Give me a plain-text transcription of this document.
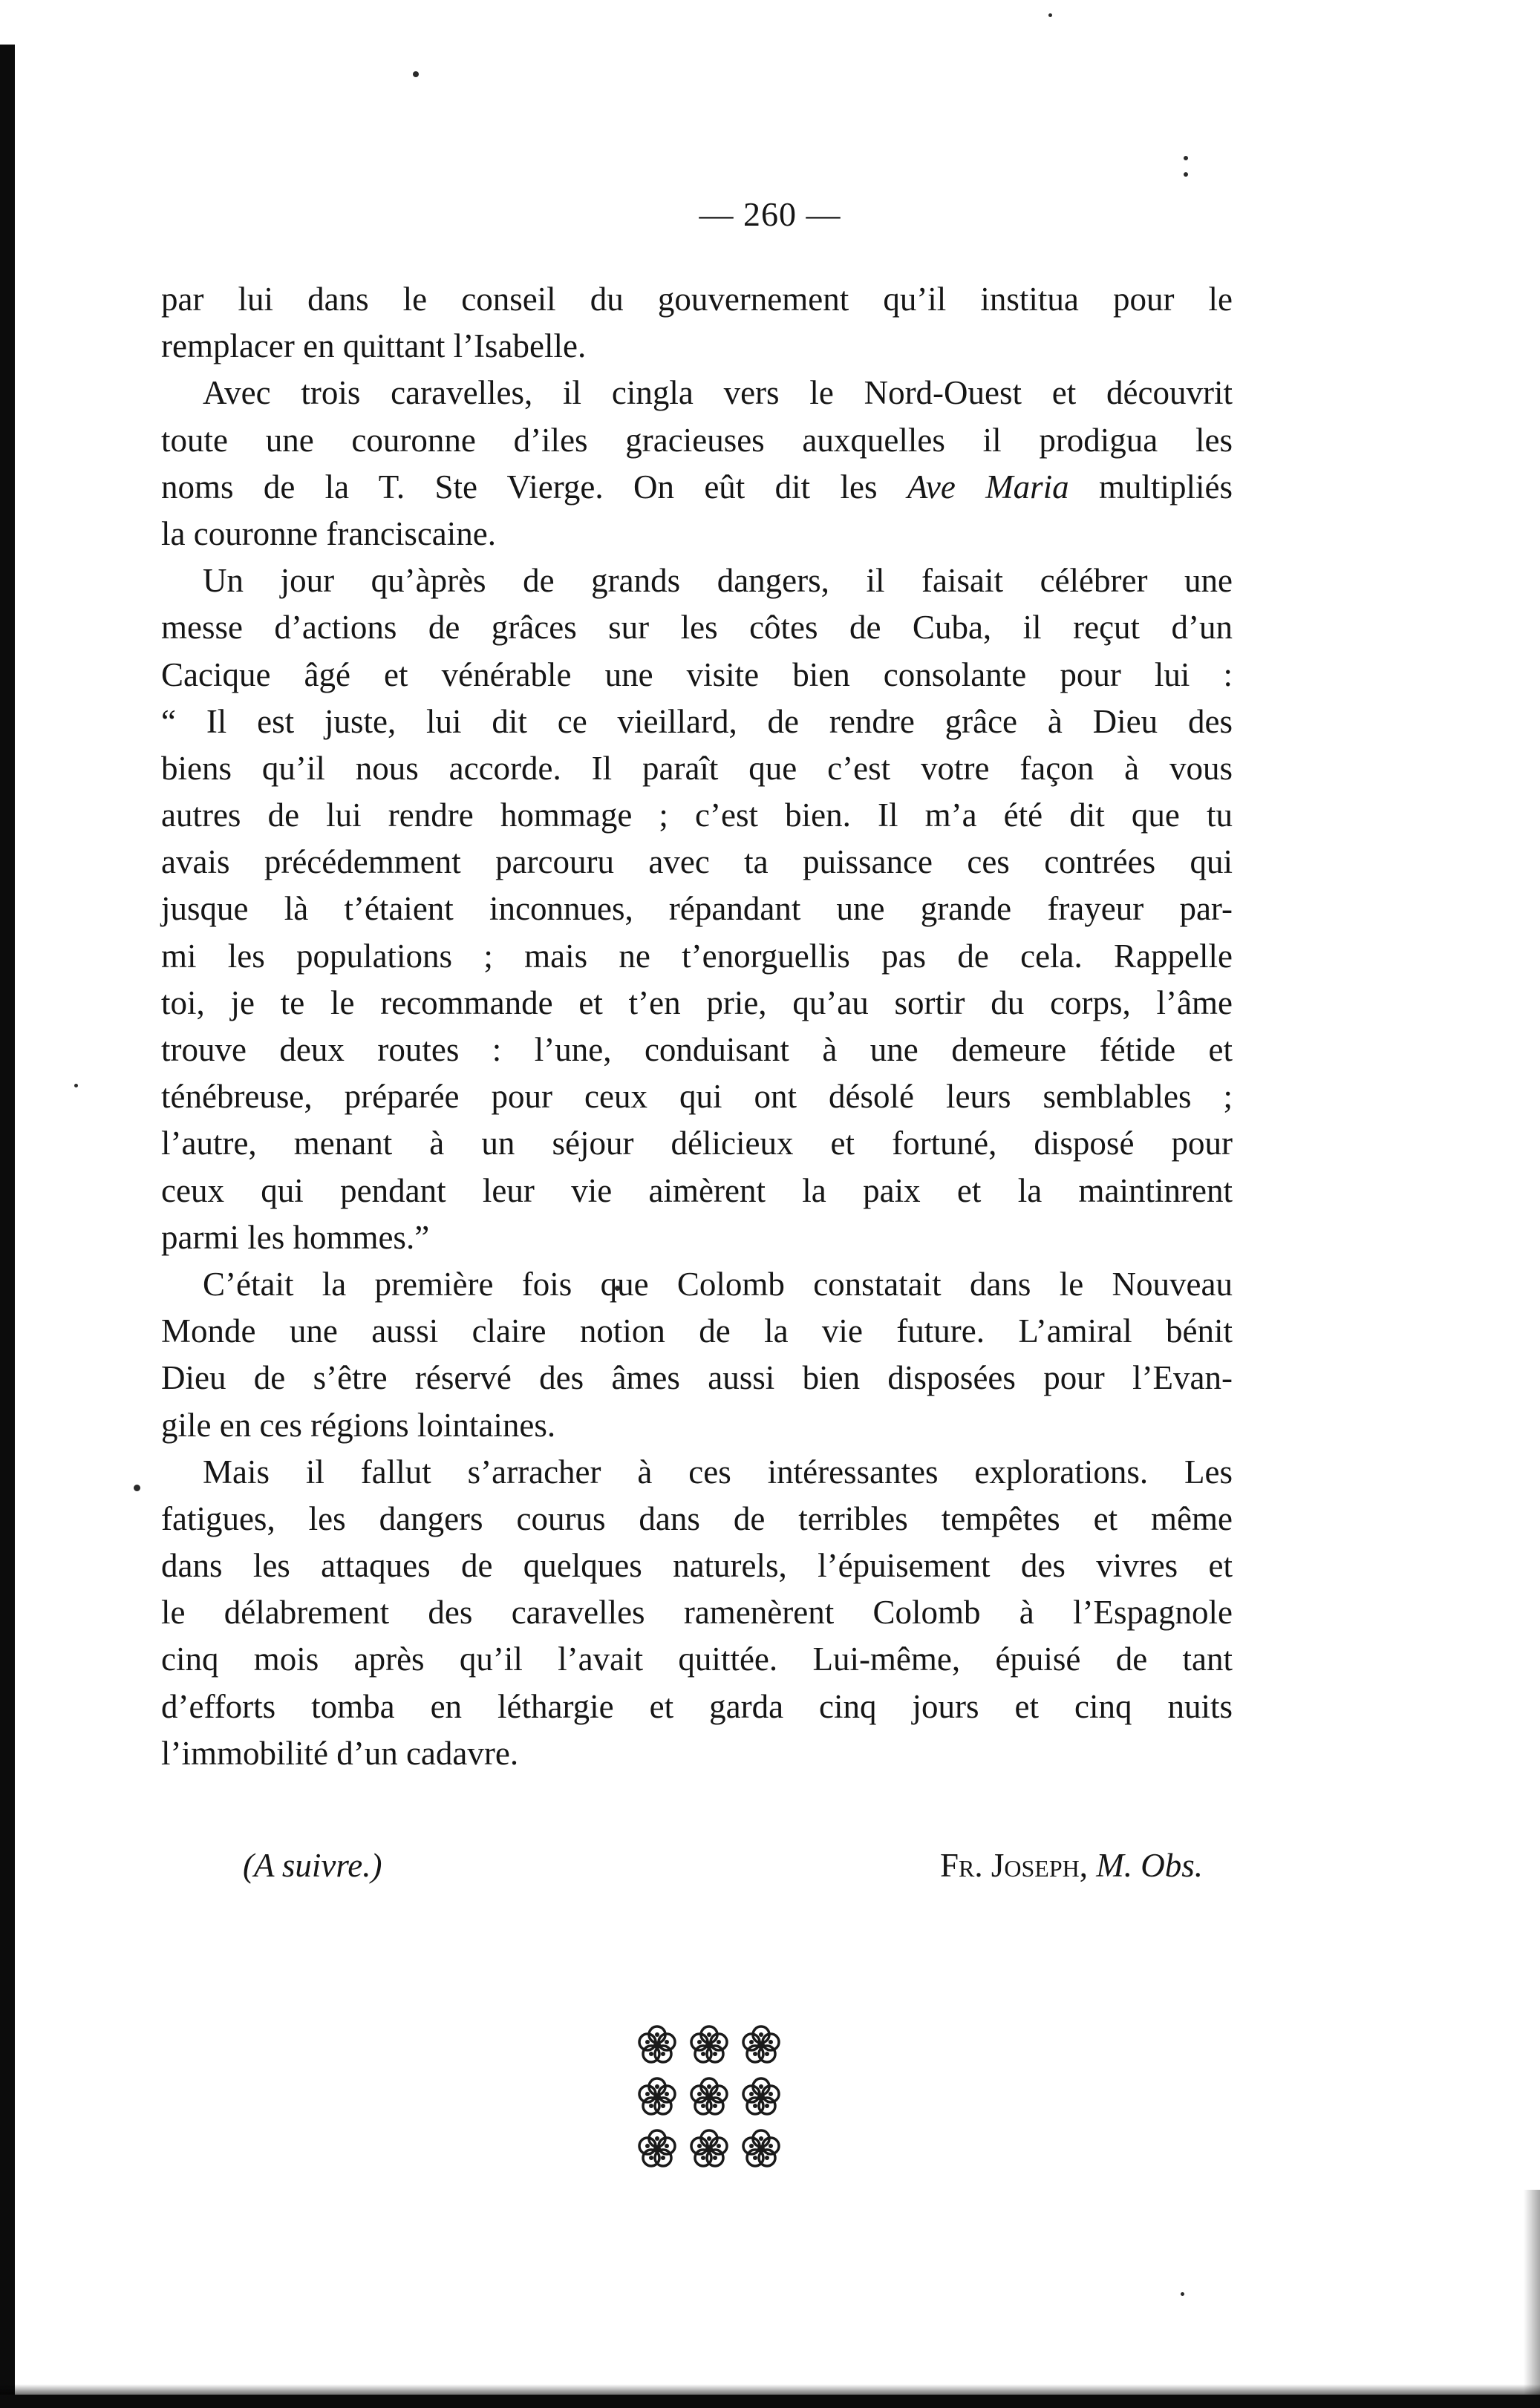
— 260 —
par lui dans le conseil du gouvernement qu’il institua pour le
remplacer en quittant l’Isabelle.
Avec trois caravelles, il cingla vers le Nord-Ouest et découvrit
toute une couronne d’iles gracieuses auxquelles il prodigua les
noms de la T. Ste Vierge. On eût dit les Ave Maria multipliés
la couronne franciscaine.
Un jour qu’àprès de grands dangers, il faisait célébrer une
messe d’actions de grâces sur les côtes de Cuba, il reçut d’un
Cacique âgé et vénérable une visite bien consolante pour lui :
“ Il est juste, lui dit ce vieillard, de rendre grâce à Dieu des
biens qu’il nous accorde. Il paraît que c’est votre façon à vous
autres de lui rendre hommage ; c’est bien. Il m’a été dit que tu
avais précédemment parcouru avec ta puissance ces contrées qui
jusque là t’étaient inconnues, répandant une grande frayeur par-
mi les populations ; mais ne t’enorguellis pas de cela. Rappelle
toi, je te le recommande et t’en prie, qu’au sortir du corps, l’âme
trouve deux routes : l’une, conduisant à une demeure fétide et
ténébreuse, préparée pour ceux qui ont désolé leurs semblables ;
l’autre, menant à un séjour délicieux et fortuné, disposé pour
ceux qui pendant leur vie aimèrent la paix et la maintinrent
parmi les hommes.”
C’était la première fois que Colomb constatait dans le Nouveau
Monde une aussi claire notion de la vie future. L’amiral bénit
Dieu de s’être réservé des âmes aussi bien disposées pour l’Evan-
gile en ces régions lointaines.
Mais il fallut s’arracher à ces intéressantes explorations. Les
fatigues, les dangers courus dans de terribles tempêtes et même
dans les attaques de quelques naturels, l’épuisement des vivres et
le délabrement des caravelles ramenèrent Colomb à l’Espagnole
cinq mois après qu’il l’avait quittée. Lui-même, épuisé de tant
d’efforts tomba en léthargie et garda cinq jours et cinq nuits
l’immobilité d’un cadavre.
(A suivre.)	Fr. Joseph, M. Obs.
